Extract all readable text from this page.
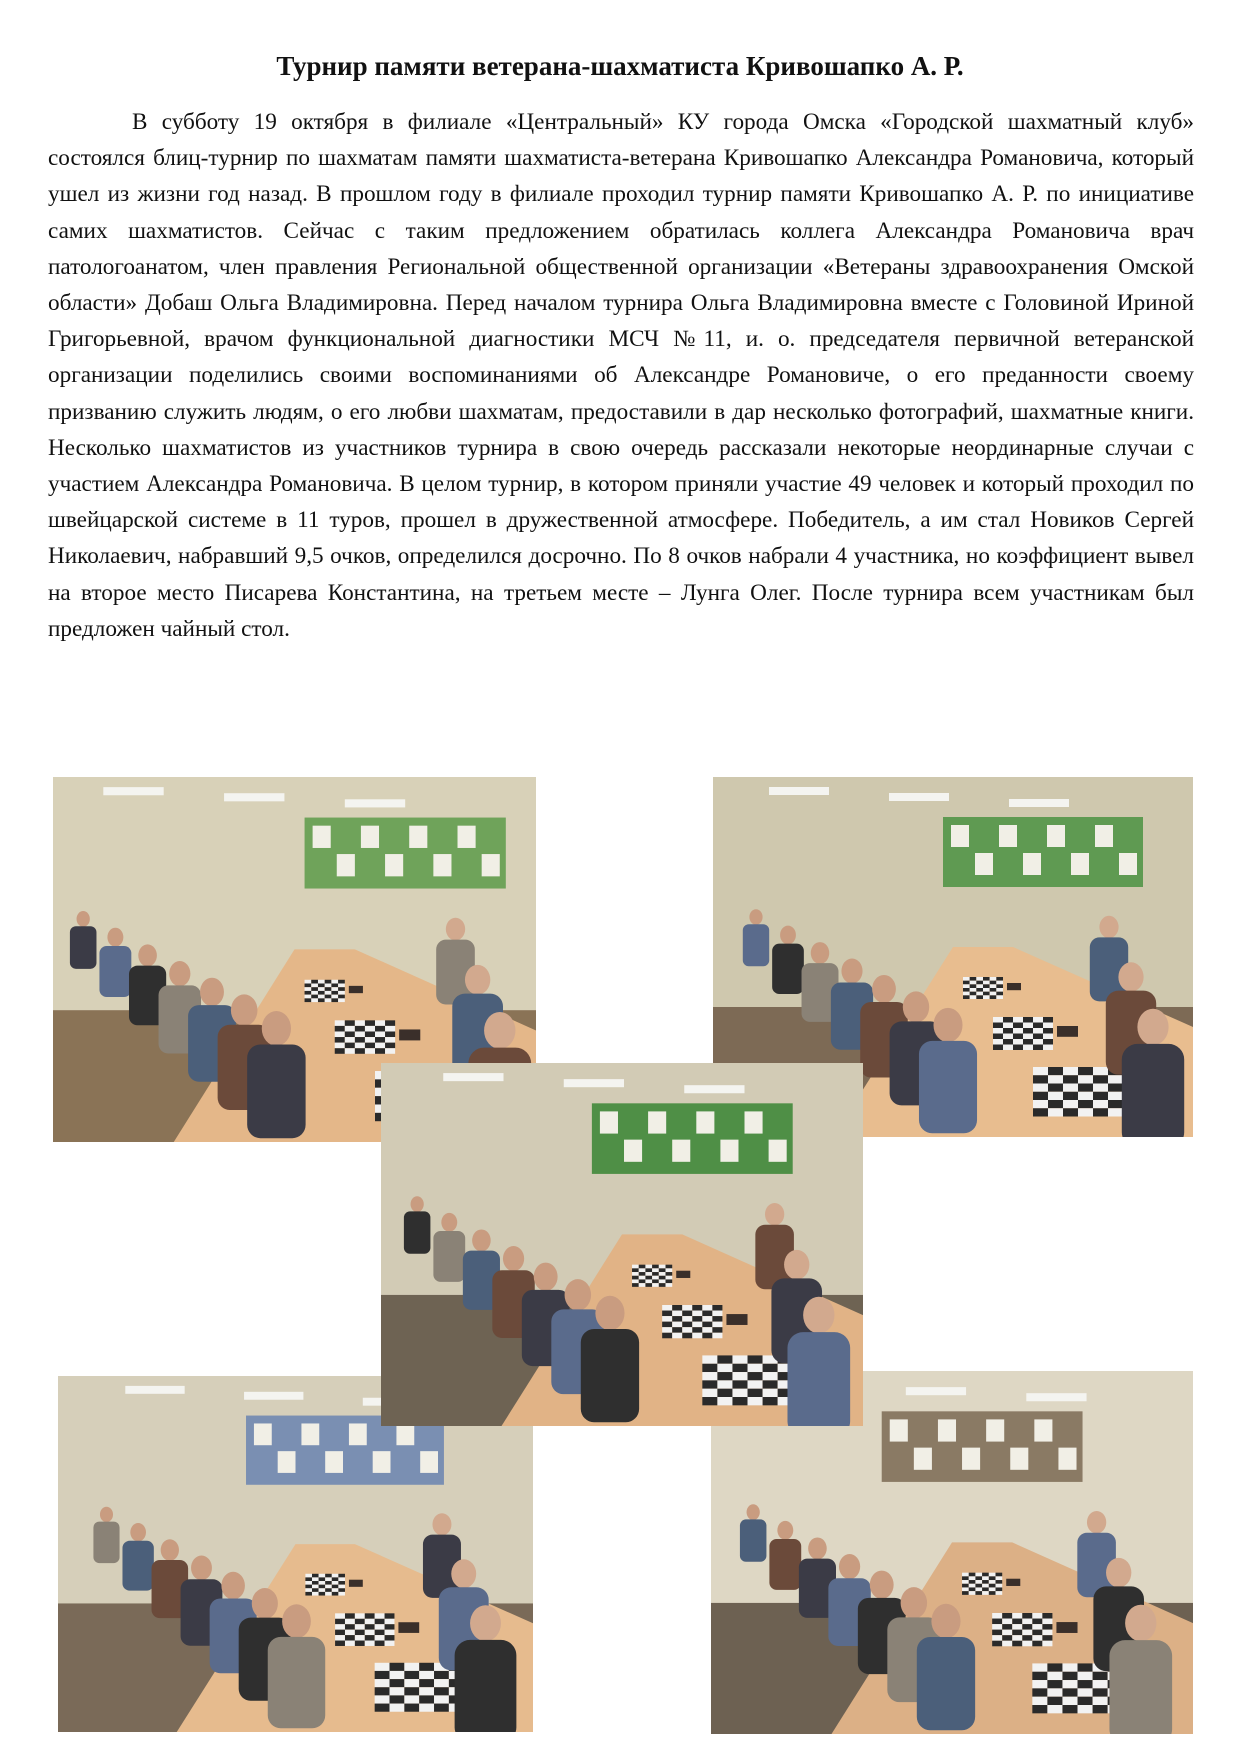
Турнир памяти ветерана-шахматиста Кривошапко А. Р.

В субботу 19 октября в филиале «Центральный» КУ города Омска «Городской шахматный клуб» состоялся блиц-турнир по шахматам памяти шахматиста-ветерана Кривошапко Александра Романовича, который ушел из жизни год назад. В прошлом году в филиале проходил турнир памяти Кривошапко А. Р. по инициативе самих шахматистов. Сейчас с таким предложением обратилась коллега Александра Романовича врач патологоанатом, член правления Региональной общественной организации «Ветераны здравоохранения Омской области» Добаш Ольга Владимировна. Перед началом турнира Ольга Владимировна вместе с Головиной Ириной Григорьевной, врачом функциональной диагностики МСЧ №11, и. о. председателя первичной ветеранской организации поделились своими воспоминаниями об Александре Романовиче, о его преданности своему призванию служить людям, о его любви шахматам, предоставили в дар несколько фотографий, шахматные книги. Несколько шахматистов из участников турнира в свою очередь рассказали некоторые неординарные случаи с участием Александра Романовича. В целом турнир, в котором приняли участие 49 человек и который проходил по швейцарской системе в 11 туров, прошел в дружественной атмосфере. Победитель, а им стал Новиков Сергей Николаевич, набравший 9,5 очков, определился досрочно. По 8 очков набрали 4 участника, но коэффициент вывел на второе место Писарева Константина, на третьем месте – Лунга Олег. После турнира всем участникам был предложен чайный стол.
